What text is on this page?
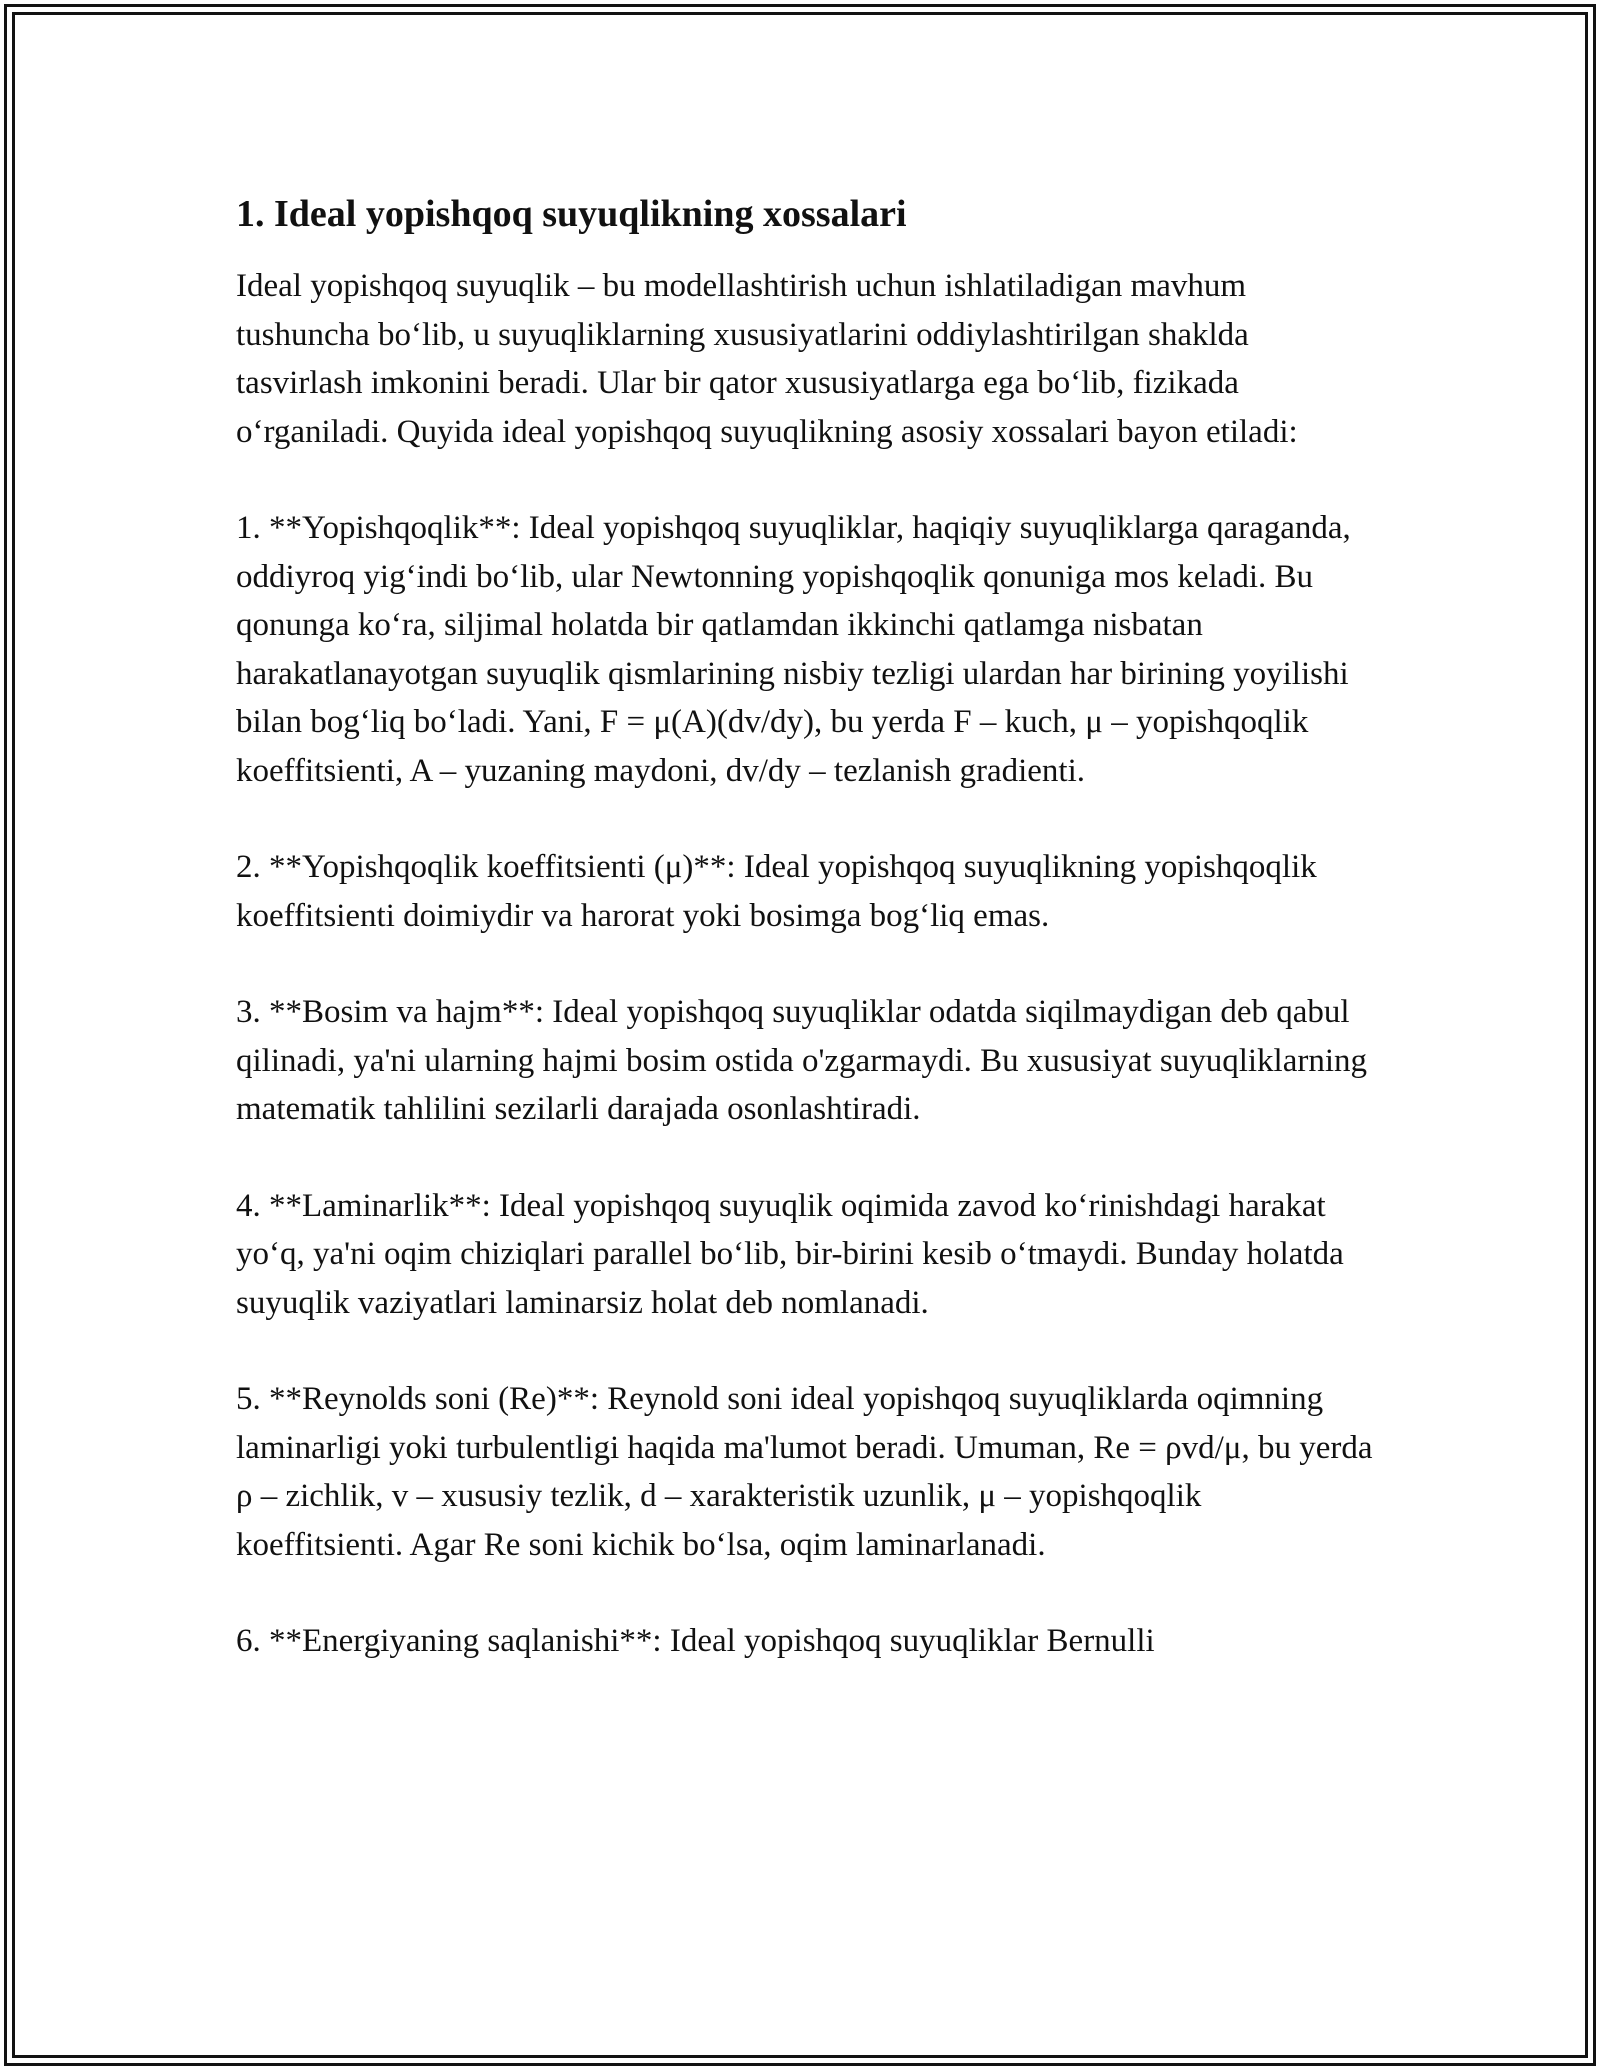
1. Ideal yopishqoq suyuqlikning xossalari

Ideal yopishqoq suyuqlik – bu modellashtirish uchun ishlatiladigan mavhum tushuncha bo‘lib, u suyuqliklarning xususiyatlarini oddiylashtirilgan shaklda tasvirlash imkonini beradi. Ular bir qator xususiyatlarga ega bo‘lib, fizikada o‘rganiladi. Quyida ideal yopishqoq suyuqlikning asosiy xossalari bayon etiladi:

1. **Yopishqoqlik**: Ideal yopishqoq suyuqliklar, haqiqiy suyuqliklarga qaraganda, oddiyroq yig‘indi bo‘lib, ular Newtonning yopishqoqlik qonuniga mos keladi. Bu qonunga ko‘ra, siljimal holatda bir qatlamdan ikkinchi qatlamga nisbatan harakatlanayotgan suyuqlik qismlarining nisbiy tezligi ulardan har birining yoyilishi bilan bog‘liq bo‘ladi. Yani, F = μ(A)(dv/dy), bu yerda F – kuch, μ – yopishqoqlik koeffitsienti, A – yuzaning maydoni, dv/dy – tezlanish gradienti.

2. **Yopishqoqlik koeffitsienti (μ)**: Ideal yopishqoq suyuqlikning yopishqoqlik koeffitsienti doimiydir va harorat yoki bosimga bog‘liq emas.

3. **Bosim va hajm**: Ideal yopishqoq suyuqliklar odatda siqilmaydigan deb qabul qilinadi, ya'ni ularning hajmi bosim ostida o'zgarmaydi. Bu xususiyat suyuqliklarning matematik tahlilini sezilarli darajada osonlashtiradi.

4. **Laminarlik**: Ideal yopishqoq suyuqlik oqimida zavod ko‘rinishdagi harakat yo‘q, ya'ni oqim chiziqlari parallel bo‘lib, bir-birini kesib o‘tmaydi. Bunday holatda suyuqlik vaziyatlari laminarsiz holat deb nomlanadi.

5. **Reynolds soni (Re)**: Reynold soni ideal yopishqoq suyuqliklarda oqimning laminarligi yoki turbulentligi haqida ma'lumot beradi. Umuman, Re = ρvd/μ, bu yerda ρ – zichlik, v – xususiy tezlik, d – xarakteristik uzunlik, μ – yopishqoqlik koeffitsienti. Agar Re soni kichik bo‘lsa, oqim laminarlanadi.

6. **Energiyaning saqlanishi**: Ideal yopishqoq suyuqliklar Bernulli
